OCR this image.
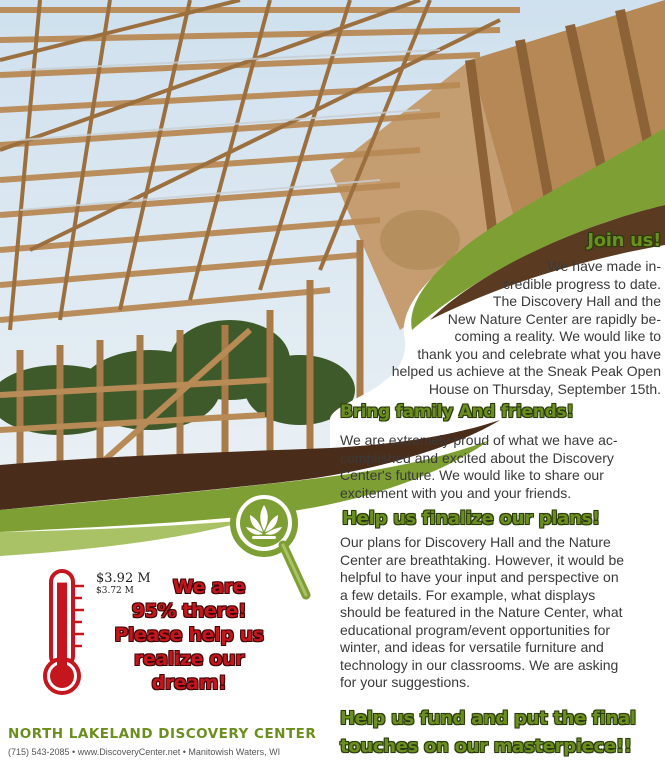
Join us!
We have made in-
credible progress to date.
The Discovery Hall and the
New Nature Center are rapidly be-
coming a reality. We would like to
thank you and celebrate what you have
helped us achieve at the Sneak Peak Open
House on Thursday, September 15th.
Bring family And friends!
We are extremely proud of what we have ac-
complished and excited about the Discovery
Center's future. We would like to share our
excitement with you and your friends.
Help us finalize our plans!
Our plans for Discovery Hall and the Nature
Center are breathtaking. However, it would be
helpful to have your input and perspective on
a few details. For example, what displays
should be featured in the Nature Center, what
educational program/event opportunities for
winter, and ideas for versatile furniture and
technology in our classrooms. We are asking
for your suggestions.
Help us fund and put the final
touches on our masterpiece!!
$3.92 M
$3.72 M	We are
95% there!
Please help us
realize our dream!
NORTH LAKELAND DISCOVERY CENTER
(715) 543-2085 • www.DiscoveryCenter.net • Manitowish Waters, WI
